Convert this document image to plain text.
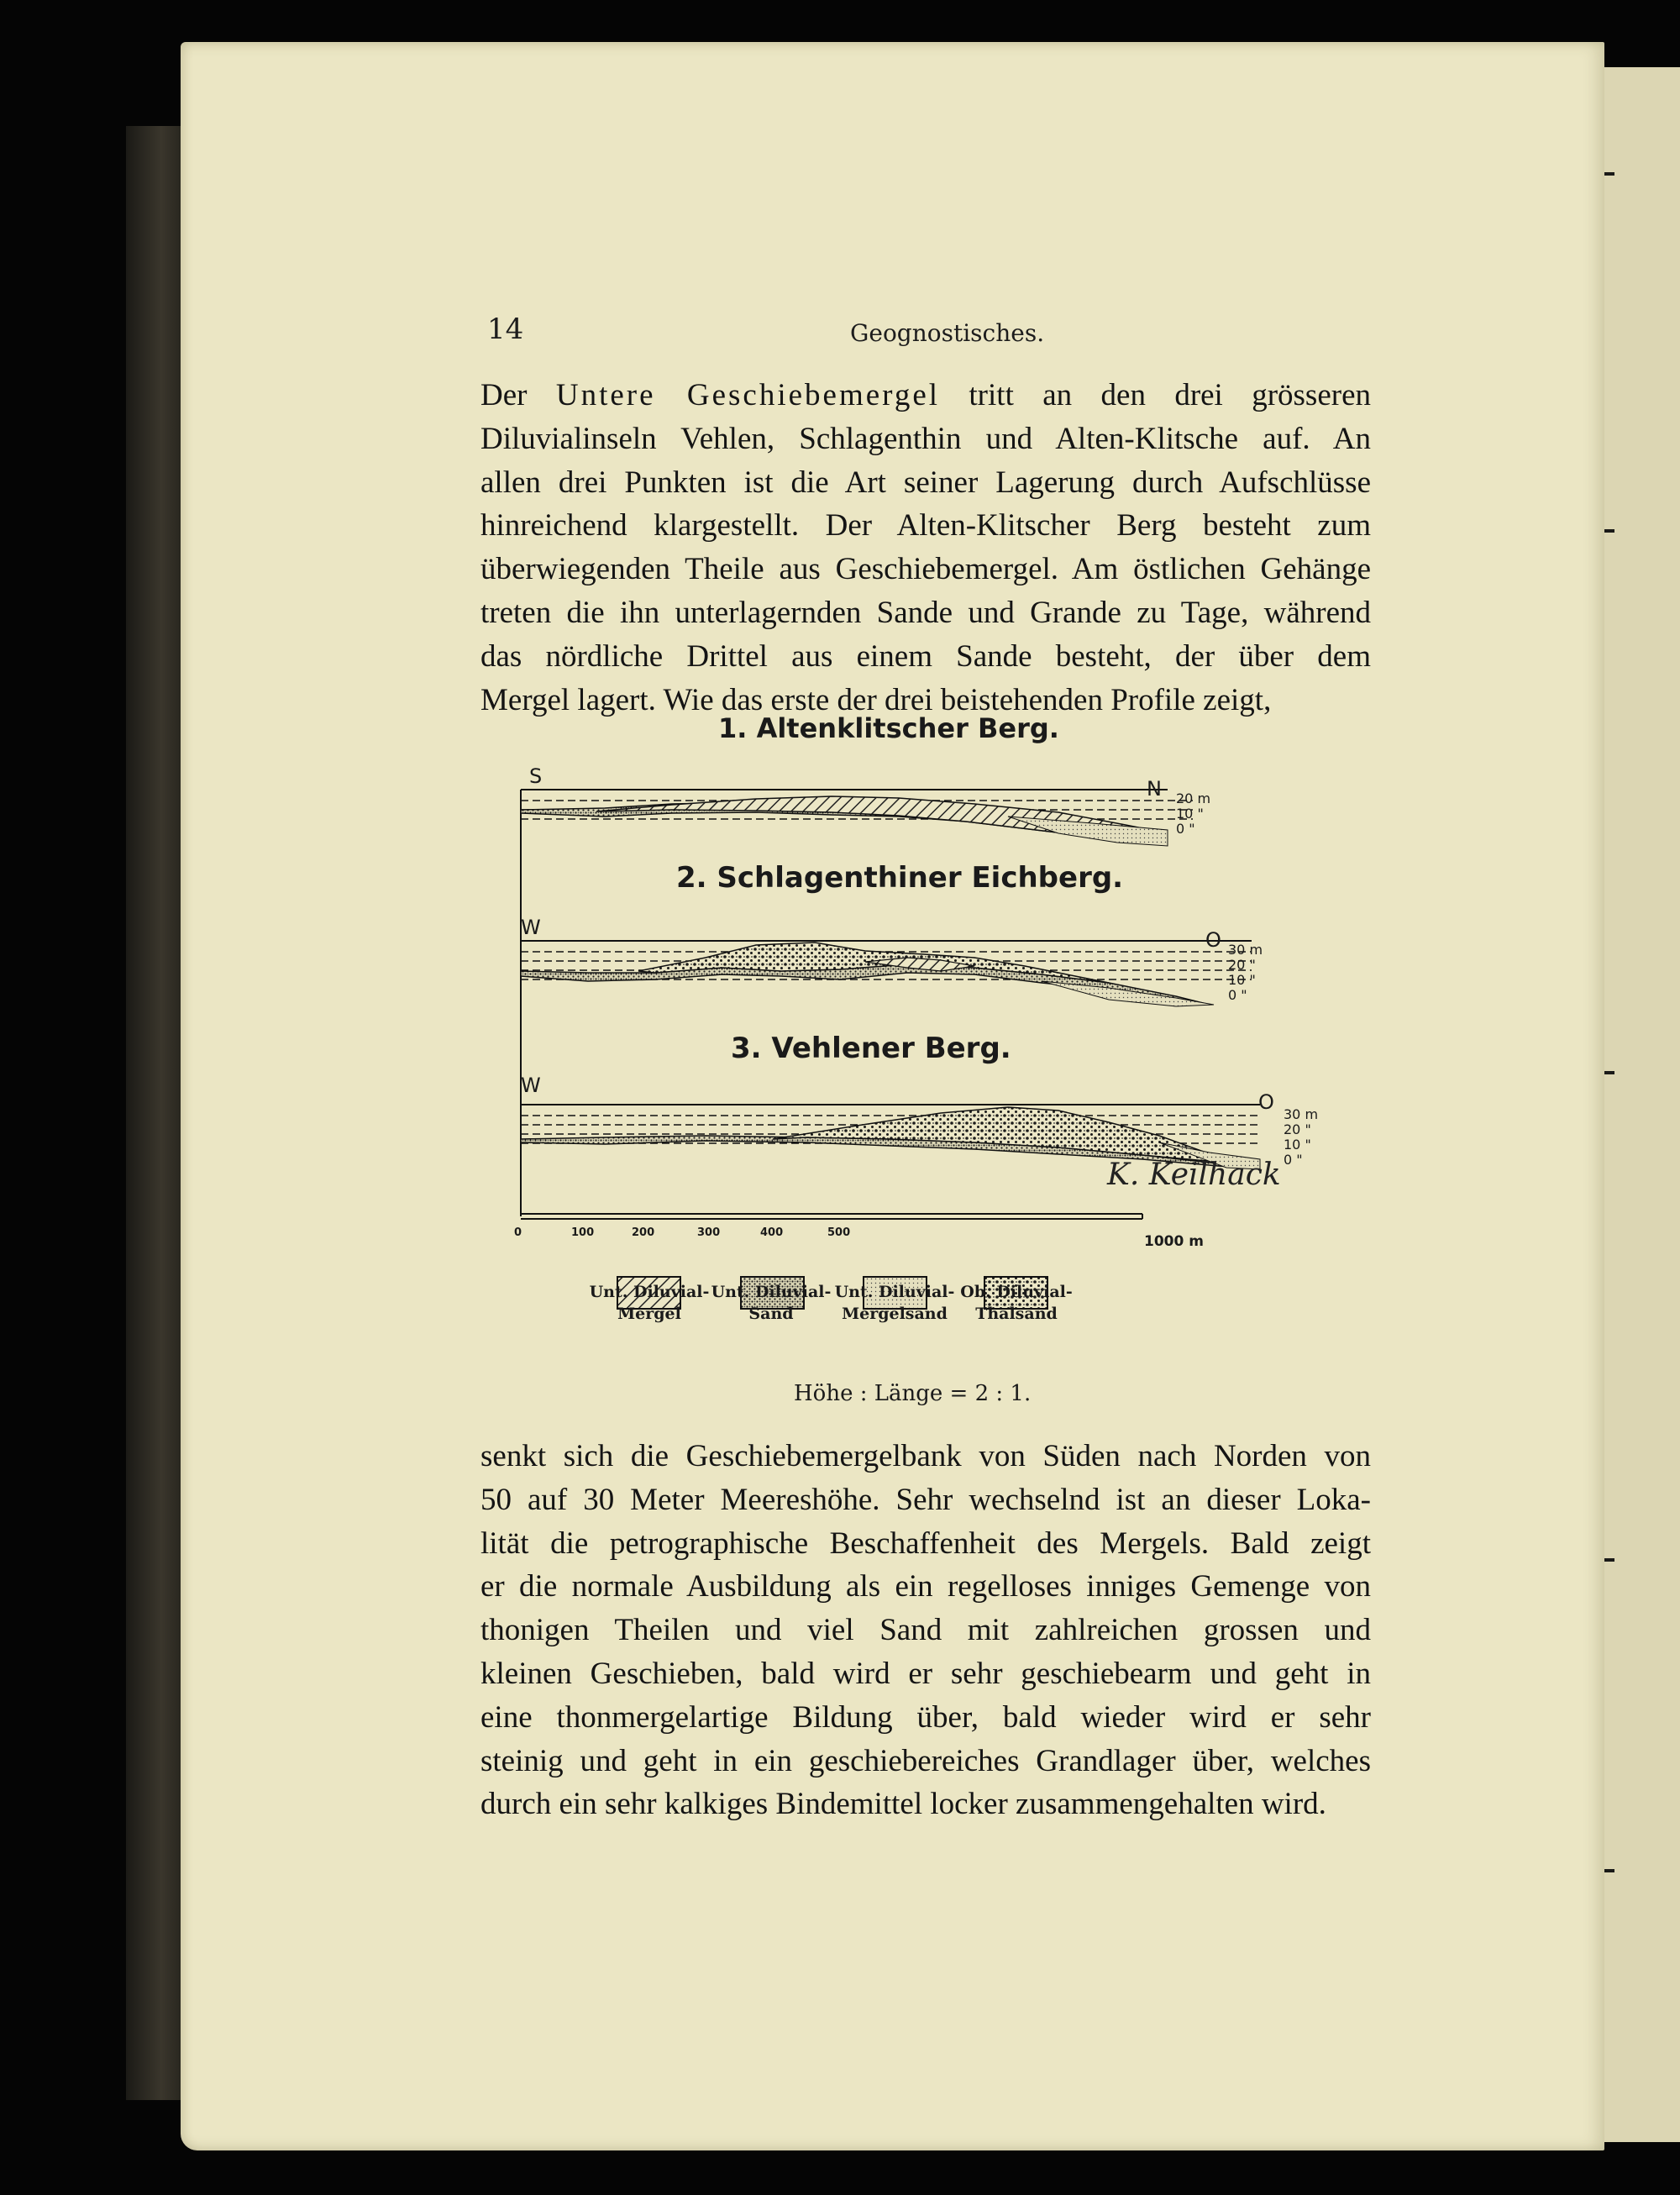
14	Geognostisches.
Der Untere Geschiebemergel tritt an den drei grösseren
Diluvialinseln Vehlen, Schlagenthin und Alten-Klitsche auf. An
allen drei Punkten ist die Art seiner Lagerung durch Aufschlüsse
hinreichend klargestellt. Der Alten-Klitscher Berg besteht zum
überwiegenden Theile aus Geschiebemergel. Am östlichen Gehänge
treten die ihn unterlagernden Sande und Grande zu Tage, während
das nördliche Drittel aus einem Sande besteht, der über dem
Mergel lagert. Wie das erste der drei beistehenden Profile zeigt,
1. Altenklitscher Berg.
S
N 20 m
10 "
0 "
2. Schlagenthiner Eichberg.
W
O 30 m
20 "
10 "
0 "
3. Vehlener Berg.
W
O
30 m
20 "
10 "
0 "
K. Keilhack
0	100	200	300	400	500
1000 m
Unt. Diluvial-
Mergel
Unt. Diluvial-
Sand
Unt. Diluvial-
Mergelsand
Ob. Diluvial-
Thalsand
Höhe : Länge = 2 : 1.
senkt sich die Geschiebemergelbank von Süden nach Norden von
50 auf 30 Meter Meereshöhe. Sehr wechselnd ist an dieser Loka-
lität die petrographische Beschaffenheit des Mergels. Bald zeigt
er die normale Ausbildung als ein regelloses inniges Gemenge von
thonigen Theilen und viel Sand mit zahlreichen grossen und
kleinen Geschieben, bald wird er sehr geschiebearm und geht in
eine thonmergelartige Bildung über, bald wieder wird er sehr
steinig und geht in ein geschiebereiches Grandlager über, welches
durch ein sehr kalkiges Bindemittel locker zusammengehalten wird.
